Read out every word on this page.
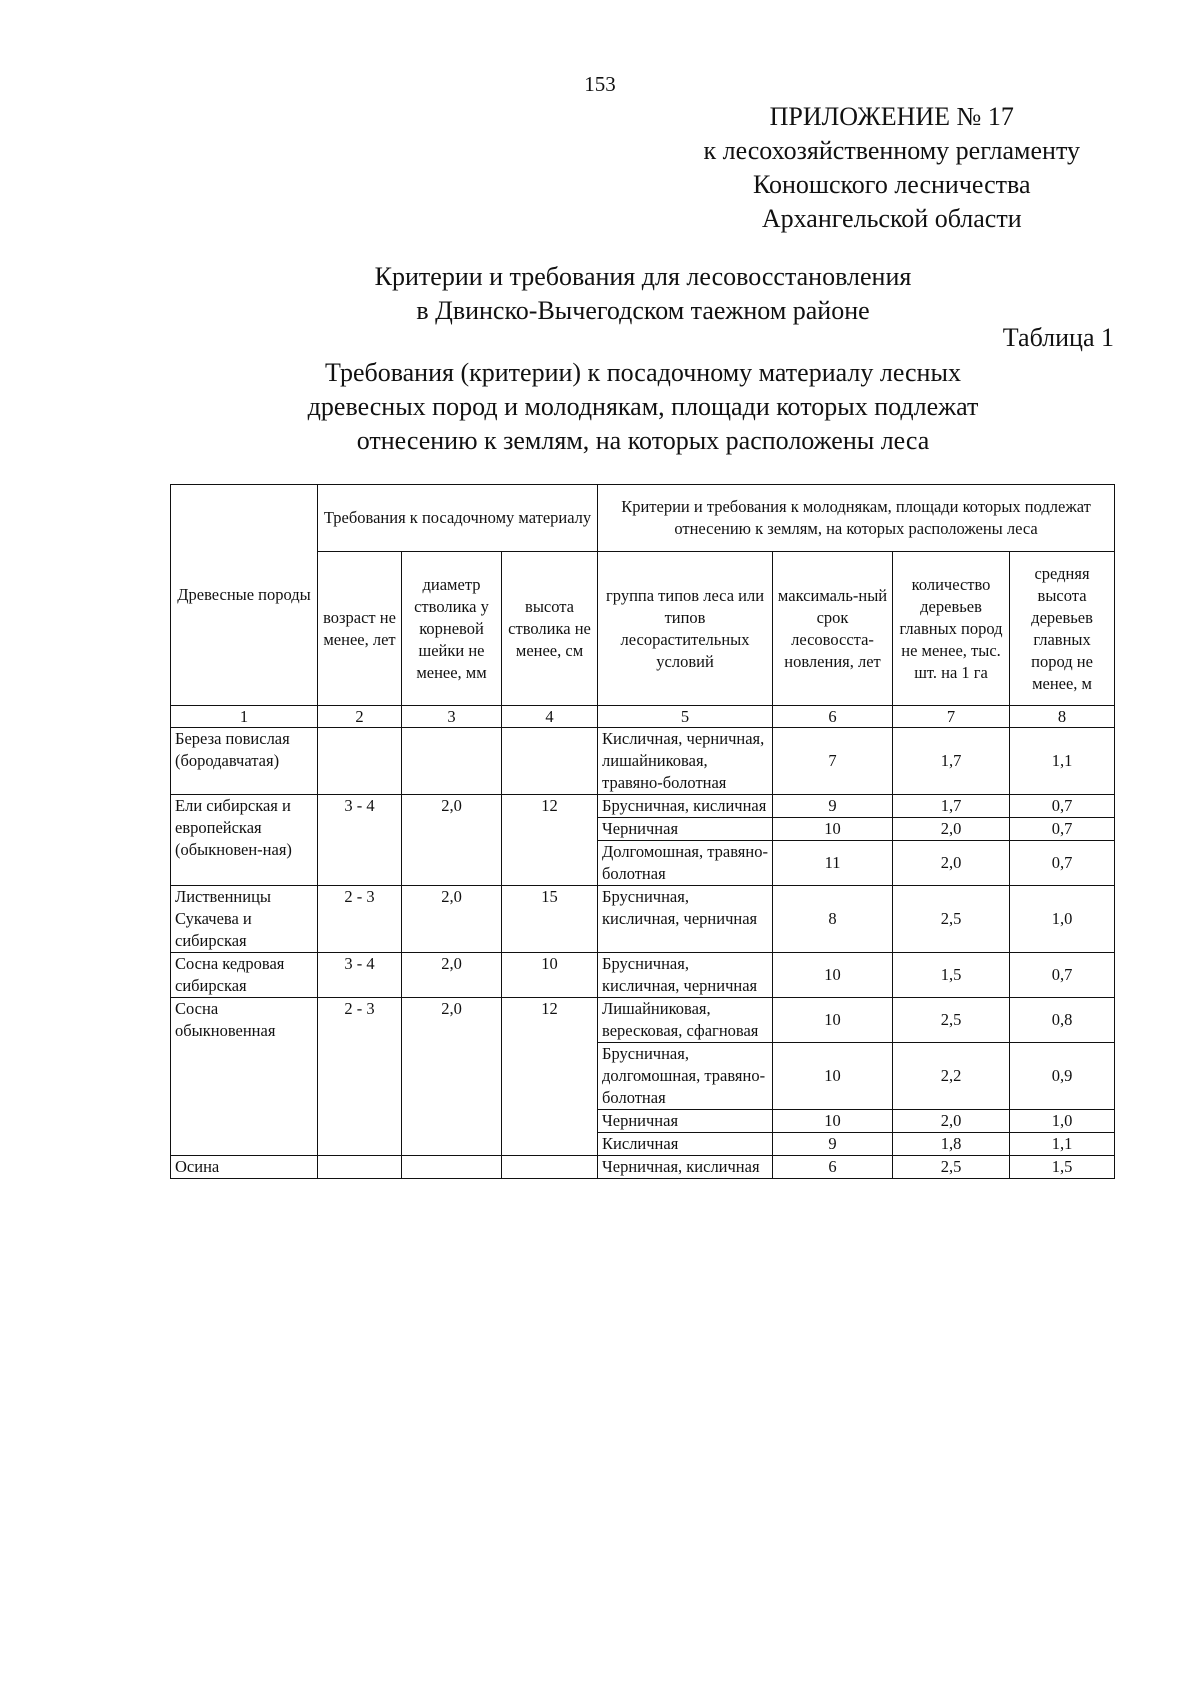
153
ПРИЛОЖЕНИЕ № 17
к лесохозяйственному регламенту
Коношского лесничества
Архангельской области
Критерии и требования для лесовосстановления
в Двинско-Вычегодском таежном районе
Таблица 1
Требования (критерии) к посадочному материалу лесных
древесных пород и молоднякам, площади которых подлежат
отнесению к землям, на которых расположены леса
Древесные породы	Требования к посадочному материалу			Критерии и требования к молоднякам, площади которых подлежат отнесению к землям, на которых расположены леса			
	возраст не менее, лет	диаметр стволика у корневой шейки не менее, мм	высота стволика не менее, см	группа типов леса или типов лесорастительных условий	максималь-ный срок лесовосста-новления, лет	количество деревьев главных пород не менее, тыс. шт. на 1 га	средняя высота деревьев главных пород не менее, м
1	2	3	4	5	6	7	8
Береза повислая (бородавчатая)				Кисличная, черничная, лишайниковая, травяно-болотная	7	1,7	1,1
Ели сибирская и европейская (обыкновен-ная)	3 - 4	2,0	12	Брусничная, кисличная	9	1,7	0,7
				Черничная	10	2,0	0,7
				Долгомошная, травяно-болотная	11	2,0	0,7
Лиственницы Сукачева и сибирская	2 - 3	2,0	15	Брусничная, кисличная, черничная	8	2,5	1,0
Сосна кедровая сибирская	3 - 4	2,0	10	Брусничная, кисличная, черничная	10	1,5	0,7
Сосна обыкновенная	2 - 3	2,0	12	Лишайниковая, вересковая, сфагновая	10	2,5	0,8
				Брусничная, долгомошная, травяно-болотная	10	2,2	0,9
				Черничная	10	2,0	1,0
				Кисличная	9	1,8	1,1
Осина				Черничная, кисличная	6	2,5	1,5
